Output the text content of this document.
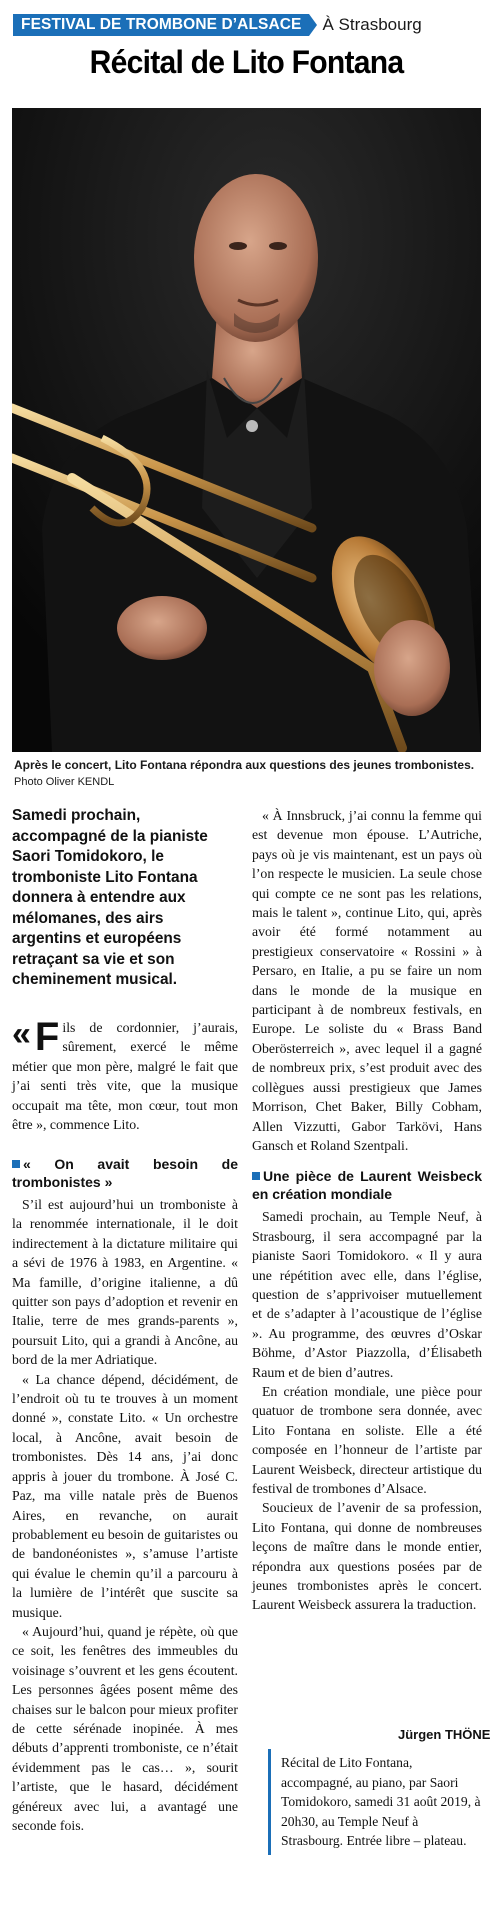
FESTIVAL DE TROMBONE D’ALSACE	À Strasbourg
Récital de Lito Fontana
Après le concert, Lito Fontana répondra aux questions des jeunes trombonistes. Photo Oliver KENDL
Samedi prochain, accompagné de la pianiste Saori Tomidokoro, le tromboniste Lito Fontana donnera à entendre aux mélomanes, des airs argentins et européens retraçant sa vie et son cheminement musical.
« F ils de cordonnier, j’aurais, sûrement, exercé le même métier que mon père, malgré le fait que j’ai senti très vite, que la musique occupait ma tête, mon cœur, tout mon être », commence Lito.
« On avait besoin de trombonistes »

S’il est aujourd’hui un tromboniste à la renommée internationale, il le doit indirectement à la dictature militaire qui a sévi de 1976 à 1983, en Argentine. « Ma famille, d’origine italienne, a dû quitter son pays d’adoption et revenir en Italie, terre de mes grands-parents », poursuit Lito, qui a grandi à Ancône, au bord de la mer Adriatique.

« La chance dépend, décidément, de l’endroit où tu te trouves à un moment donné », constate Lito. « Un orchestre local, à Ancône, avait besoin de trombonistes. Dès 14 ans, j’ai donc appris à jouer du trombone. À José C. Paz, ma ville natale près de Buenos Aires, en revanche, on aurait probablement eu besoin de guitaristes ou de bandonéonistes », s’amuse l’artiste qui évalue le chemin qu’il a parcouru à la lumière de l’intérêt que suscite sa musique.

« Aujourd’hui, quand je répète, où que ce soit, les fenêtres des immeubles du voisinage s’ouvrent et les gens écoutent. Les personnes âgées posent même des chaises sur le balcon pour mieux profiter de cette sérénade inopinée. À mes débuts d’apprenti tromboniste, ce n’était évidemment pas le cas… », sourit l’artiste, que le hasard, décidément généreux avec lui, a avantagé une seconde fois.

« À Innsbruck, j’ai connu la femme qui est devenue mon épouse. L’Autriche, pays où je vis maintenant, est un pays où l’on respecte le musicien. La seule chose qui compte ce ne sont pas les relations, mais le talent », continue Lito, qui, après avoir été formé notamment au prestigieux conservatoire « Rossini » à Persaro, en Italie, a pu se faire un nom dans le monde de la musique en participant à de nombreux festivals, en Europe. Le soliste du « Brass Band Oberösterreich », avec lequel il a gagné de nombreux prix, s’est produit avec des collègues aussi prestigieux que James Morrison, Chet Baker, Billy Cobham, Allen Vizzutti, Gabor Tarkövi, Hans Gansch et Roland Szentpali.

Une pièce de Laurent Weisbeck en création mondiale

Samedi prochain, au Temple Neuf, à Strasbourg, il sera accompagné par la pianiste Saori Tomidokoro. « Il y aura une répétition avec elle, dans l’église, question de s’apprivoiser mutuellement et de s’adapter à l’acoustique de l’église ». Au programme, des œuvres d’Oskar Böhme, d’Astor Piazzolla, d’Élisabeth Raum et de bien d’autres.

En création mondiale, une pièce pour quatuor de trombone sera donnée, avec Lito Fontana en soliste. Elle a été composée en l’honneur de l’artiste par Laurent Weisbeck, directeur artistique du festival de trombones d’Alsace.

Soucieux de l’avenir de sa profession, Lito Fontana, qui donne de nombreuses leçons de maître dans le monde entier, répondra aux questions posées par de jeunes trombonistes après le concert. Laurent Weisbeck assurera la traduction.

Jürgen THÖNE
Récital de Lito Fontana, accompagné, au piano, par Saori Tomidokoro, samedi 31 août 2019, à 20h30, au Temple Neuf à Strasbourg. Entrée libre – plateau.
